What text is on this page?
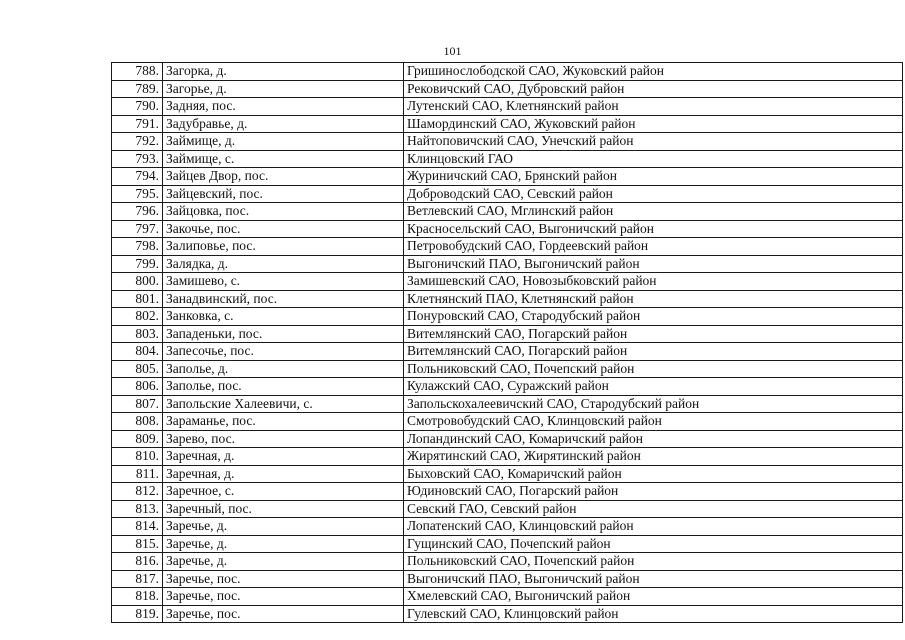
101
788.	Загорка, д.	Гришинослободской САО, Жуковский район
789.	Загорье, д.	Рековичский САО, Дубровский район
790.	Задняя, пос.	Лутенский САО, Клетнянский район
791.	Задубравье, д.	Шамординский САО, Жуковский район
792.	Займище, д.	Найтоповичский САО, Унечский район
793.	Займище, с.	Клинцовский ГАО
794.	Зайцев Двор, пос.	Журиничский САО, Брянский район
795.	Зайцевский, пос.	Доброводский САО, Севский район
796.	Зайцовка, пос.	Ветлевский САО, Мглинский район
797.	Закочье, пос.	Красносельский САО, Выгоничский район
798.	Залиповье, пос.	Петровобудский САО, Гордеевский район
799.	Залядка, д.	Выгоничский ПАО, Выгоничский район
800.	Замишево, с.	Замишевский САО, Новозыбковский район
801.	Занадвинский, пос.	Клетнянский ПАО, Клетнянский район
802.	Занковка, с.	Понуровский САО, Стародубский район
803.	Западеньки, пос.	Витемлянский САО, Погарский район
804.	Запесочье, пос.	Витемлянский САО, Погарский район
805.	Заполье, д.	Польниковский САО, Почепский район
806.	Заполье, пос.	Кулажский САО, Суражский район
807.	Запольские Халеевичи, с.	Запольскохалеевичский САО, Стародубский район
808.	Зараманье, пос.	Смотровобудский САО, Клинцовский район
809.	Зарево, пос.	Лопандинский САО, Комаричский район
810.	Заречная, д.	Жирятинский САО, Жирятинский район
811.	Заречная, д.	Быховский САО, Комаричский район
812.	Заречное, с.	Юдиновский САО, Погарский район
813.	Заречный, пос.	Севский ГАО, Севский район
814.	Заречье, д.	Лопатенский САО, Клинцовский район
815.	Заречье, д.	Гущинский САО, Почепский район
816.	Заречье, д.	Польниковский САО, Почепский район
817.	Заречье, пос.	Выгоничский ПАО, Выгоничский район
818.	Заречье, пос.	Хмелевский САО, Выгоничский район
819.	Заречье, пос.	Гулевский САО, Клинцовский район
